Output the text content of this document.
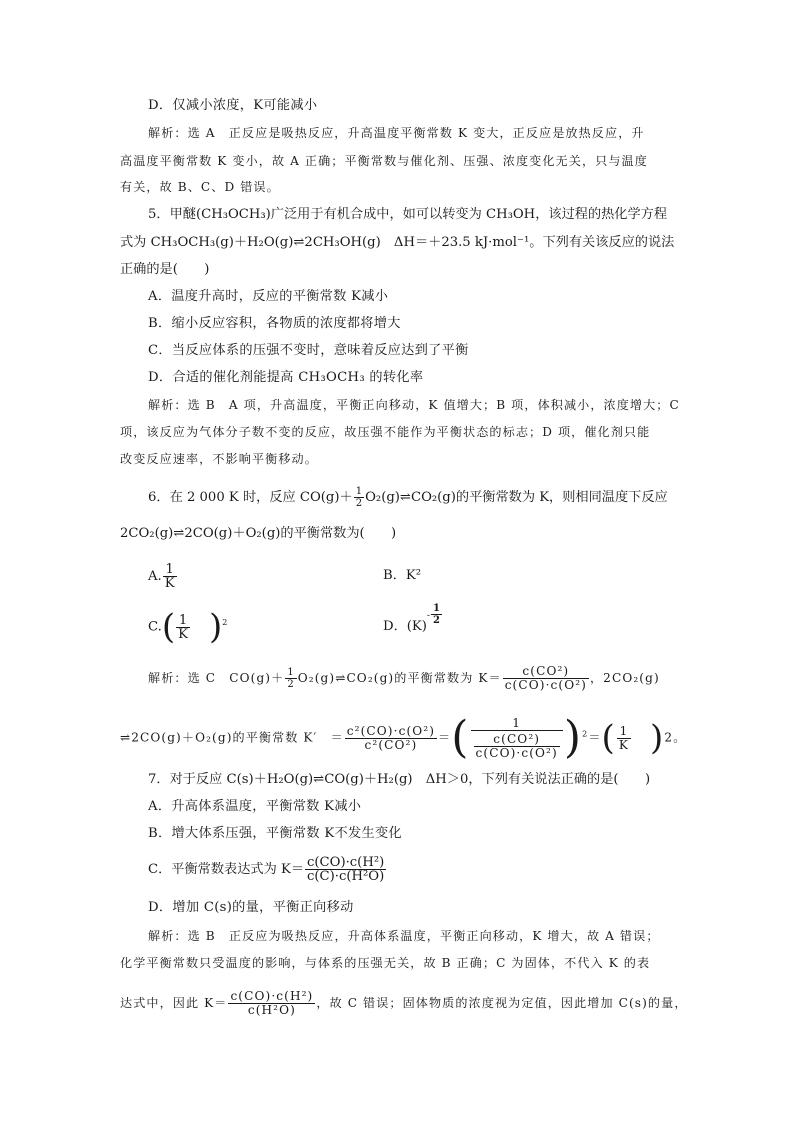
D．仅减小浓度，K可能减小
解析：选 A　正反应是吸热反应，升高温度平衡常数 K 变大，正反应是放热反应，升
高温度平衡常数 K 变小，故 A 正确；平衡常数与催化剂、压强、浓度变化无关，只与温度
有关，故 B、C、D 错误。
5．甲醚(CH₃OCH₃)广泛用于有机合成中，如可以转变为 CH₃OH，该过程的热化学方程
式为 CH₃OCH₃(g)＋H₂O(g)⇌2CH₃OH(g)　ΔH＝＋23.5 kJ·mol⁻¹。下列有关该反应的说法
正确的是(　　)
A．温度升高时，反应的平衡常数 K减小
B．缩小反应容积，各物质的浓度都将增大
C．当反应体系的压强不变时，意味着反应达到了平衡
D．合适的催化剂能提高 CH₃OCH₃ 的转化率
解析：选 B　A 项，升高温度，平衡正向移动，K 值增大；B 项，体积减小，浓度增大；C
项，该反应为气体分子数不变的反应，故压强不能作为平衡状态的标志；D 项，催化剂只能
改变反应速率，不影响平衡移动。
6．在 2 000 K 时，反应 $CO(g)+ \frac{1}{2}$ O₂(g)⇌CO₂(g)的平衡常数为 K，则相同温度下反应
2CO₂(g)⇌2CO(g)＋O₂(g)的平衡常数为(　　)
A. $\frac{1}{K}$	B．K²
$C.( \frac{1}{K} )^2$	D．$(K)^- \frac{1}{2}$
解析：选 C　$CO(g)+ \frac{1}{2}$ O₂(g)⇌CO₂(g)的平衡常数为 $K= \frac{\text{c(CO²)}}{\text{c(CO)·c(O²)}}$ ，2CO₂(g)
⇌2CO(g)＋O₂(g)的平衡常数 K′　＝ $\frac{\text{c²(CO)·c(O²)}}{\text{c²(CO²)}}$ ＝( $\frac{1}{\frac{\text{c(CO²)}}{\text{c(CO)·c(O²)}}} )^2=( \frac{1}{K} )2$。
7．对于反应 C(s)＋H₂O(g)⇌CO(g)＋H₂(g)　ΔH＞0，下列有关说法正确的是(　　)
A．升高体系温度，平衡常数 K减小
B．增大体系压强，平衡常数 K不发生变化
C．平衡常数表达式为 $K= \frac{\text{c(CO)·c(H²)}}{\text{c(C)·c(H²O)}}$
D．增加 C(s)的量，平衡正向移动
解析：选 B　正反应为吸热反应，升高体系温度，平衡正向移动，K 增大，故 A 错误；
化学平衡常数只受温度的影响，与体系的压强无关，故 B 正确；C 为固体，不代入 K 的表
达式中，因此 $K= \frac{\text{c(CO)·c(H²)}}{\text{c(H²O)}}$ ，故 C 错误；固体物质的浓度视为定值，因此增加 C(s)的量，
